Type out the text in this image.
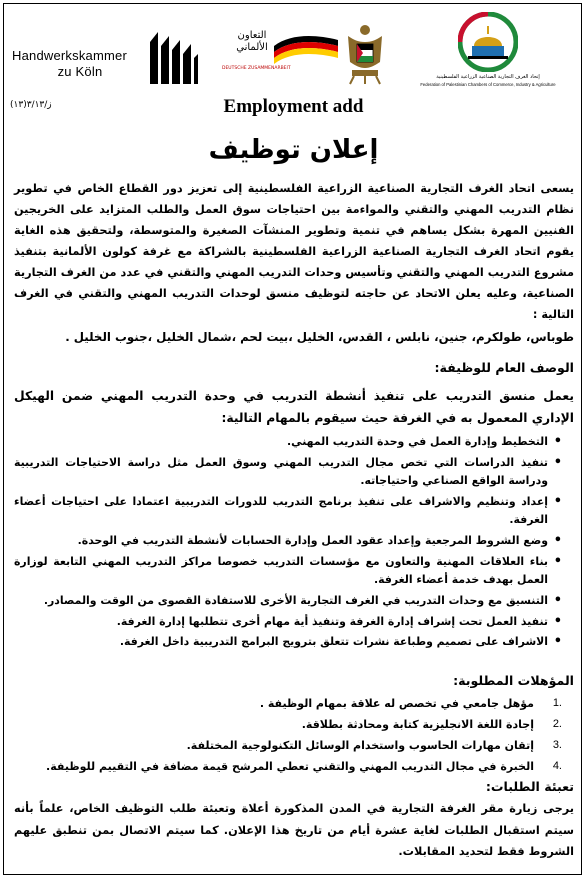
Handwerkskammer
zu Köln
التعاون
الألماني
DEUTSCHE ZUSAMMENARBEIT
إتحاد الغرف التجارية الصناعية الزراعية الفلسطينية
Federation of Palestinian Chambers of Commerce, Industry & Agriculture
ز/٣/١٣(١٣)	Employment add
إعلان توظيف

يسعى اتحاد الغرف التجارية الصناعية الزراعية الفلسطينية إلى تعزيز دور القطاع الخاص في تطوير نظام التدريب المهني والتقني والمواءمة بين احتياجات سوق العمل والطلب المتزايد على الخريجين الفنيين المهرة بشكل يساهم في تنمية وتطوير المنشآت الصغيرة والمتوسطة، ولتحقيق هذه الغاية يقوم اتحاد الغرف التجارية الصناعية الزراعية الفلسطينية بالشراكة مع غرفة كولون الألمانية بتنفيذ مشروع التدريب المهني والتقني وتأسيس وحدات التدريب المهني والتقني في عدد من الغرف التجارية الصناعية، وعليه يعلن الاتحاد عن حاجته لتوظيف منسق لوحدات التدريب المهني والتقني في الغرف التالية :

طوباس، طولكرم، جنين، نابلس ، القدس، الخليل ،بيت لحم ،شمال الخليل ،جنوب الخليل .
الوصف العام للوظيفة:
يعمل منسق التدريب على تنفيذ أنشطة التدريب في وحدة التدريب المهني ضمن الهيكل الإداري المعمول به في الغرفة حيث سيقوم بالمهام التالية:
• التخطيط وإدارة العمل في وحدة التدريب المهني.
• تنفيذ الدراسات التي تخص مجال التدريب المهني وسوق العمل مثل دراسة الاحتياجات التدريبية ودراسة الواقع الصناعي واحتياجاته.
• إعداد وتنظيم والاشراف على تنفيذ برنامج التدريب للدورات التدريبية اعتمادا على احتياجات أعضاء الغرفة.
• وضع الشروط المرجعية وإعداد عقود العمل وإدارة الحسابات لأنشطة التدريب في الوحدة.
• بناء العلاقات المهنية والتعاون مع مؤسسات التدريب خصوصا مراكز التدريب المهني التابعة لوزارة العمل بهدف خدمة أعضاء الغرفة.
• التنسيق مع وحدات التدريب في الغرف التجارية الأخرى للاستفادة القصوى من الوقت والمصادر.
• تنفيذ العمل تحت إشراف إدارة الغرفة وتنفيذ أية مهام أخرى تتطلبها إدارة الغرفة.
• الاشراف على تصميم وطباعة نشرات تتعلق بترويج البرامج التدريبية داخل الغرفة.
المؤهلات المطلوبة:
1.
مؤهل جامعي في تخصص له علاقة بمهام الوظيفة .
2.
إجادة اللغة الانجليزية كتابة ومحادثة بطلاقة.
3.
إتقان مهارات الحاسوب واستخدام الوسائل التكنولوجية المختلفة.
4.
الخبرة في مجال التدريب المهني والتقني تعطي المرشح قيمة مضافة في التقييم للوظيفة.
تعبئة الطلبات:
يرجى زيارة مقر الغرفة التجارية في المدن المذكورة أعلاة وتعبئة طلب التوظيف الخاص، علماً بأنه سيتم استقبال الطلبات لغاية عشرة أيام من تاريخ هذا الإعلان. كما سيتم الاتصال بمن تنطبق عليهم الشروط فقط لتحديد المقابلات.
